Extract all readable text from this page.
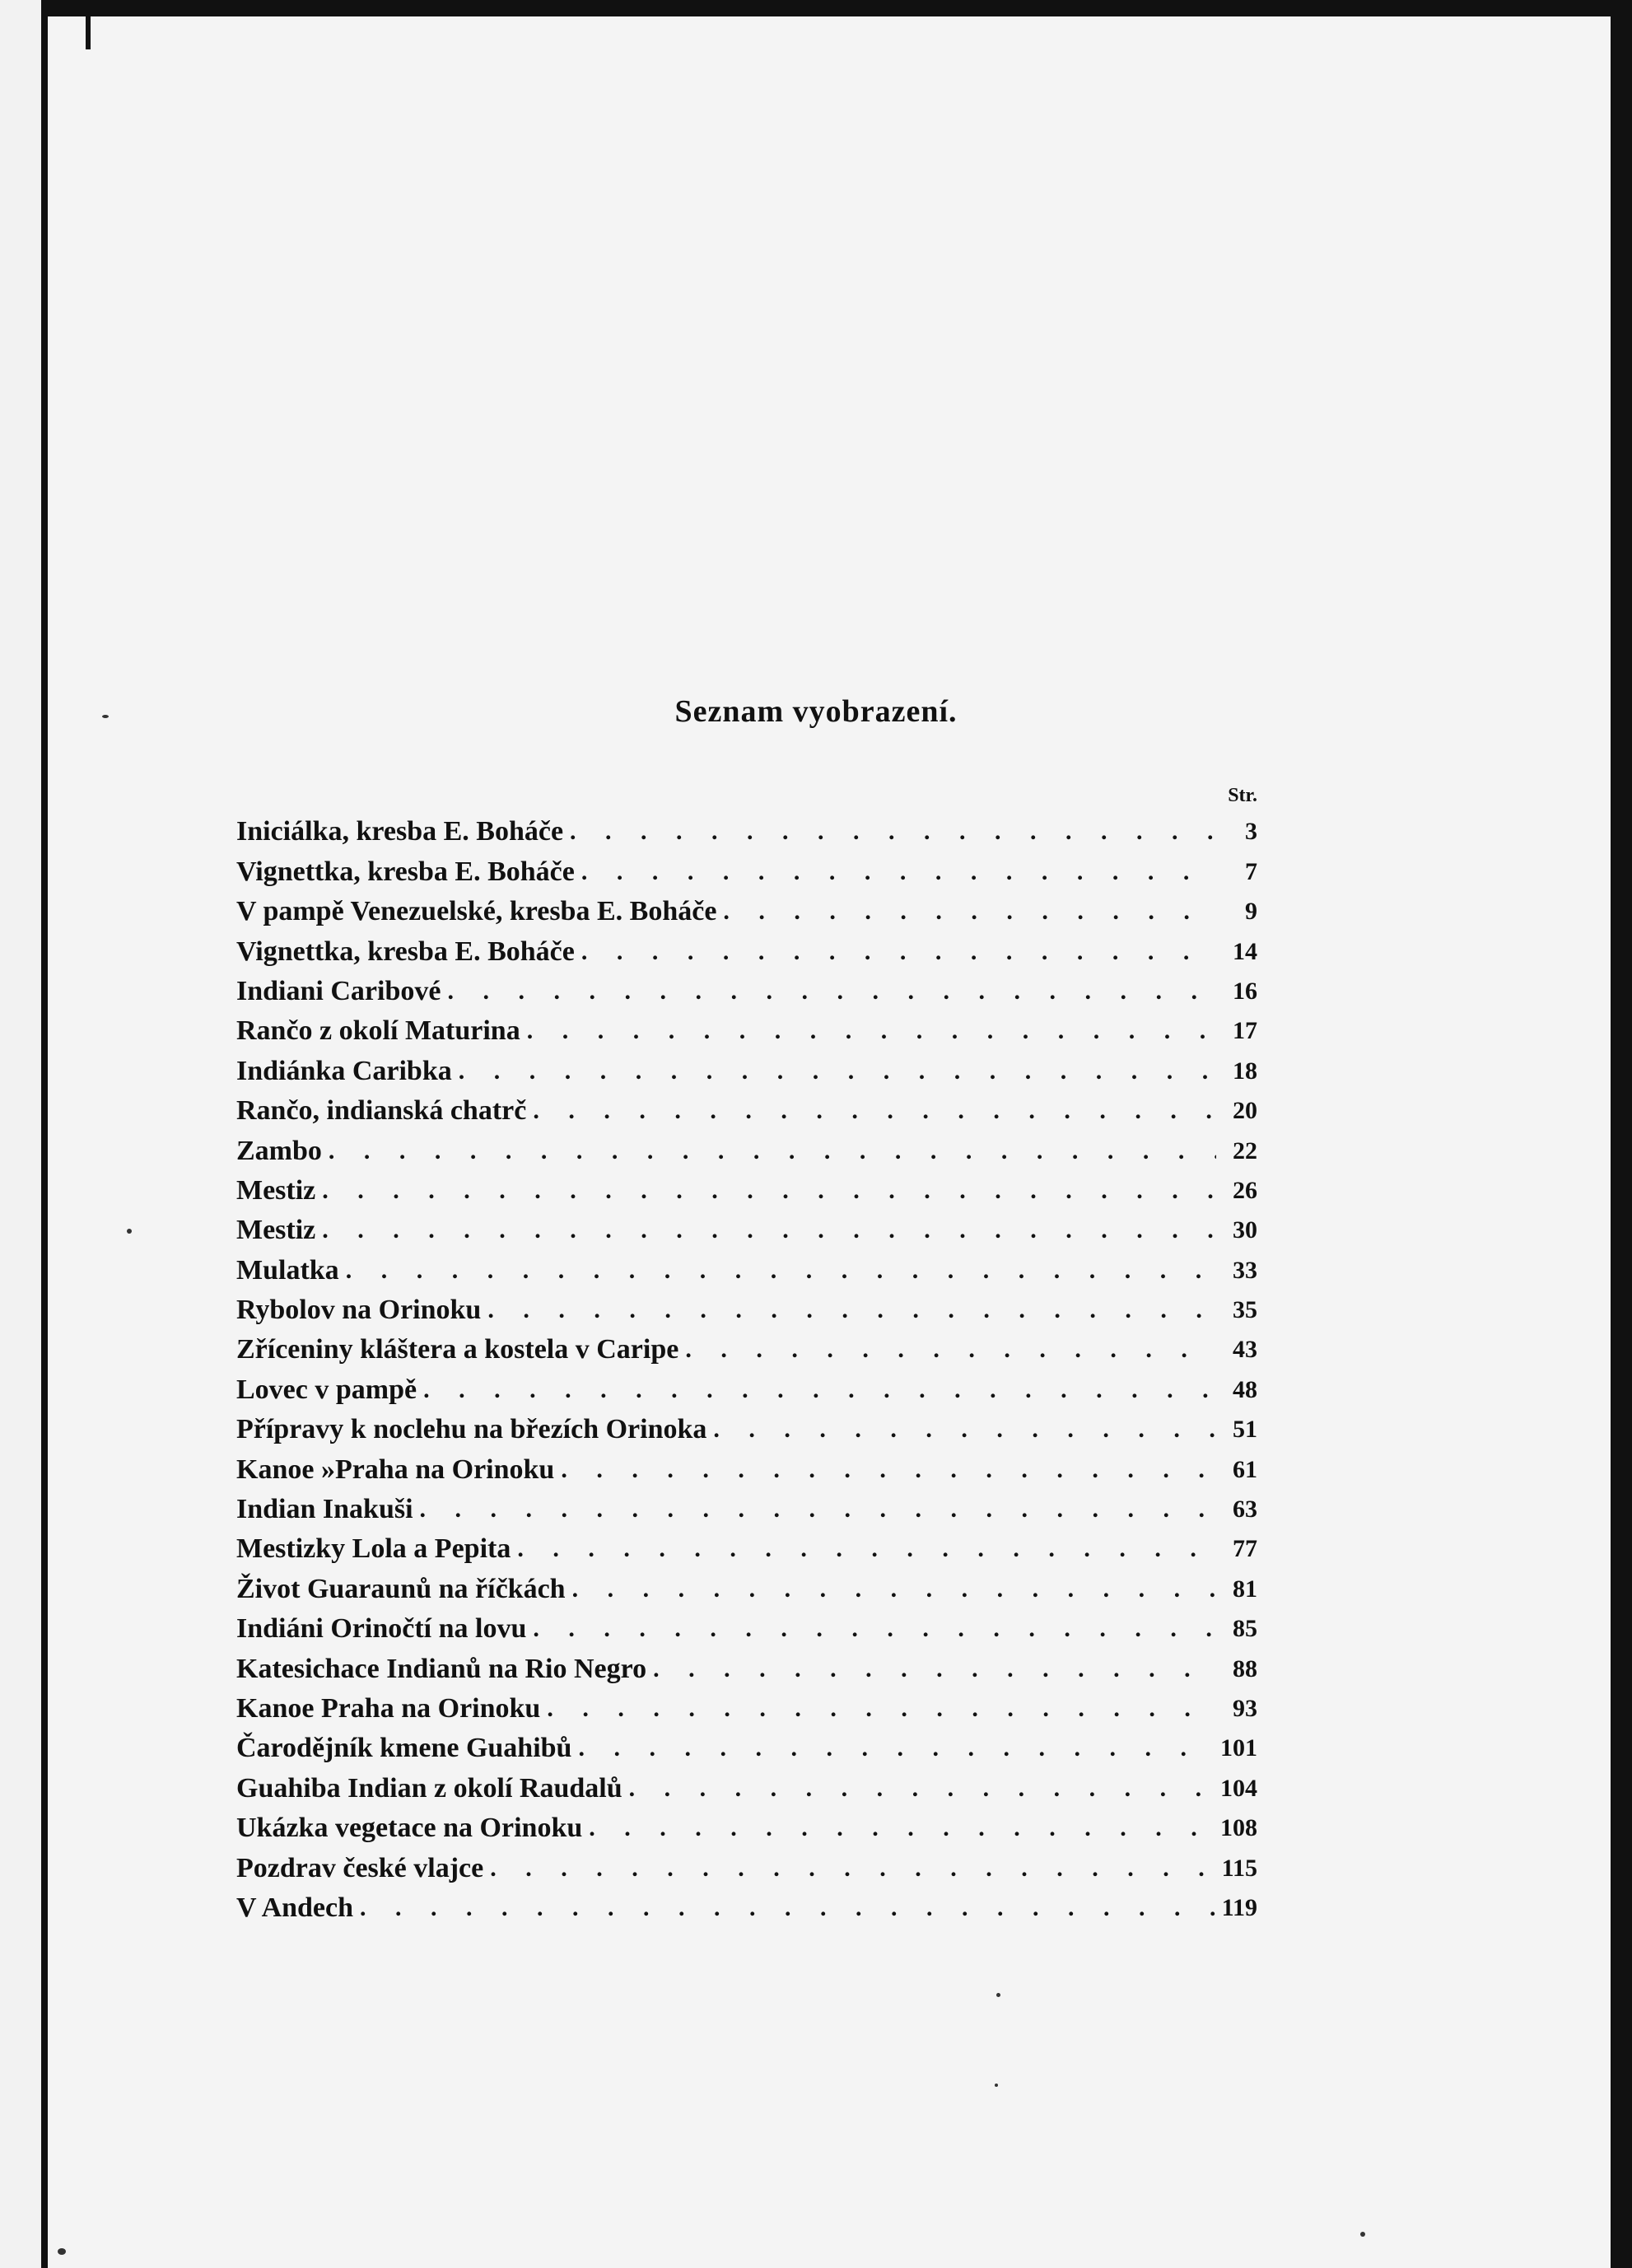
Seznam vyobrazení.
Str.
Iniciálka, kresba E. Boháče . . .	3
Vignettka, kresba E. Boháče . . .	7
V pampě Venezuelské, kresba E. Boháče . . .	9
Vignettka, kresba E. Boháče . . .	14
Indiani Caribové . . .	16
Rančo z okolí Maturina . . .	17
Indiánka Caribka . . .	18
Rančo, indianská chatrč . . .	20
Zambo . . .	22
Mestiz . . .	26
Mestiz . . .	30
Mulatka . . .	33
Rybolov na Orinoku . . .	35
Zříceniny kláštera a kostela v Caripe . . .	43
Lovec v pampě . . .	48
Přípravy k noclehu na březích Orinoka . . .	51
Kanoe »Praha na Orinoku . . .	61
Indian Inakuši . . .	63
Mestizky Lola a Pepita . . .	77
Život Guaraunů na říčkách . . .	81
Indiáni Orinočtí na lovu . . .	85
Katesichace Indianů na Rio Negro . . .	88
Kanoe Praha na Orinoku . . .	93
Čarodějník kmene Guahibů . . .	101
Guahiba Indian z okolí Raudalů . . .	104
Ukázka vegetace na Orinoku . . .	108
Pozdrav české vlajce . . .	115
V Andech . . .	119
